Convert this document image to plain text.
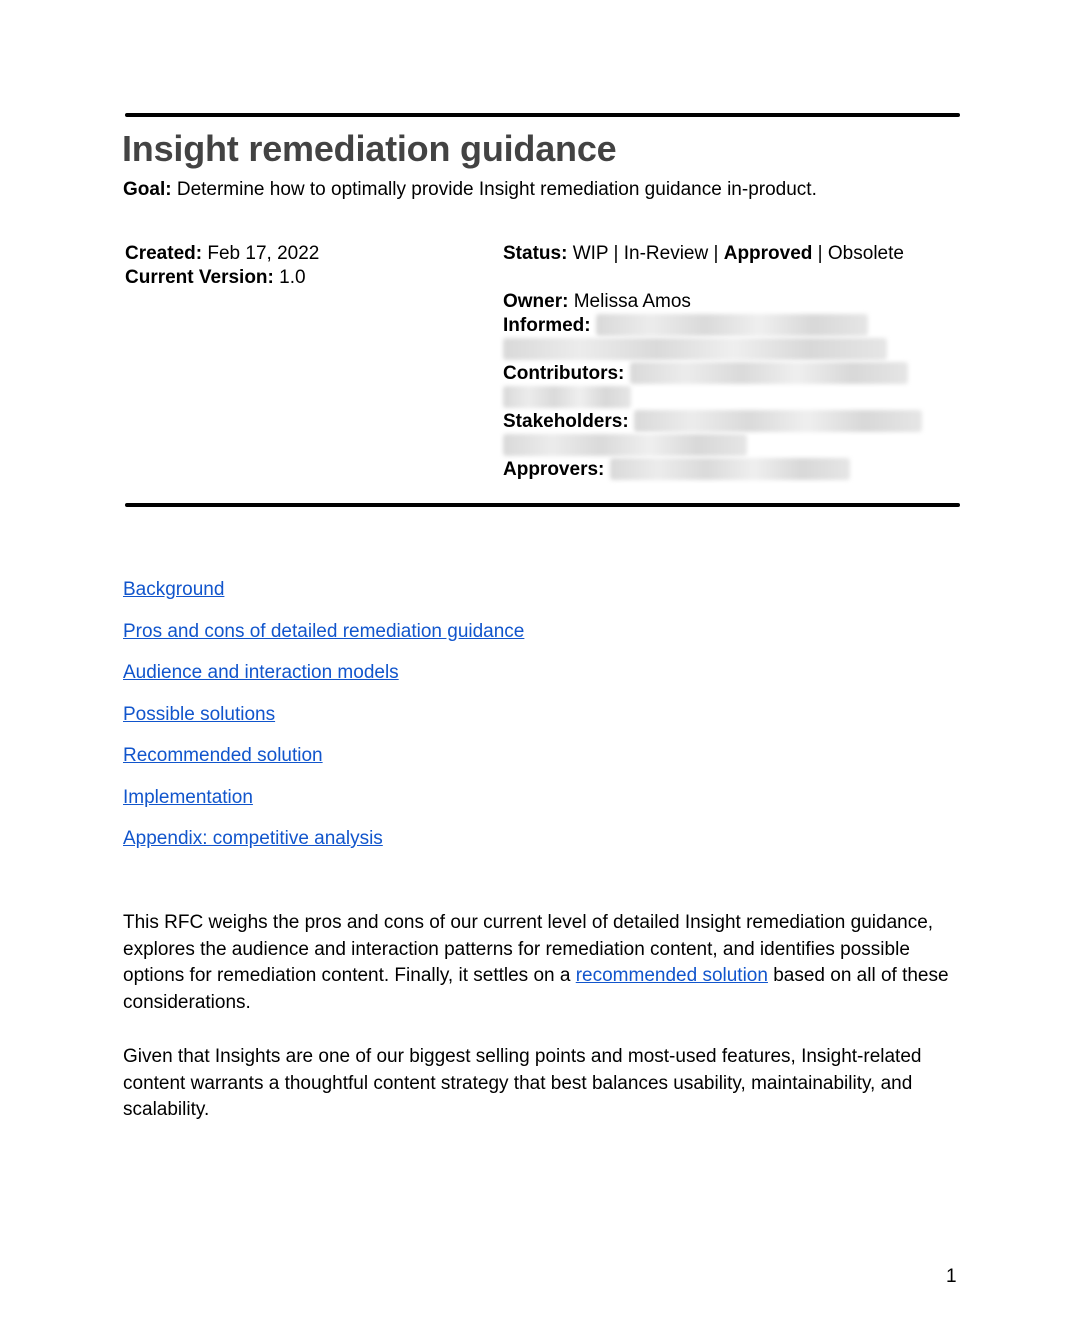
Insight remediation guidance
Goal: Determine how to optimally provide Insight remediation guidance in-product.
Created: Feb 17, 2022
Current Version: 1.0
Status: WIP | In-Review | Approved | Obsolete
Owner: Melissa Amos
Informed:
Contributors:
Stakeholders:
Approvers:
Background
Pros and cons of detailed remediation guidance
Audience and interaction models
Possible solutions
Recommended solution
Implementation
Appendix: competitive analysis

This RFC weighs the pros and cons of our current level of detailed Insight remediation guidance, explores the audience and interaction patterns for remediation content, and identifies possible options for remediation content. Finally, it settles on a recommended solution based on all of these considerations.

Given that Insights are one of our biggest selling points and most-used features, Insight-related content warrants a thoughtful content strategy that best balances usability, maintainability, and scalability.

1
